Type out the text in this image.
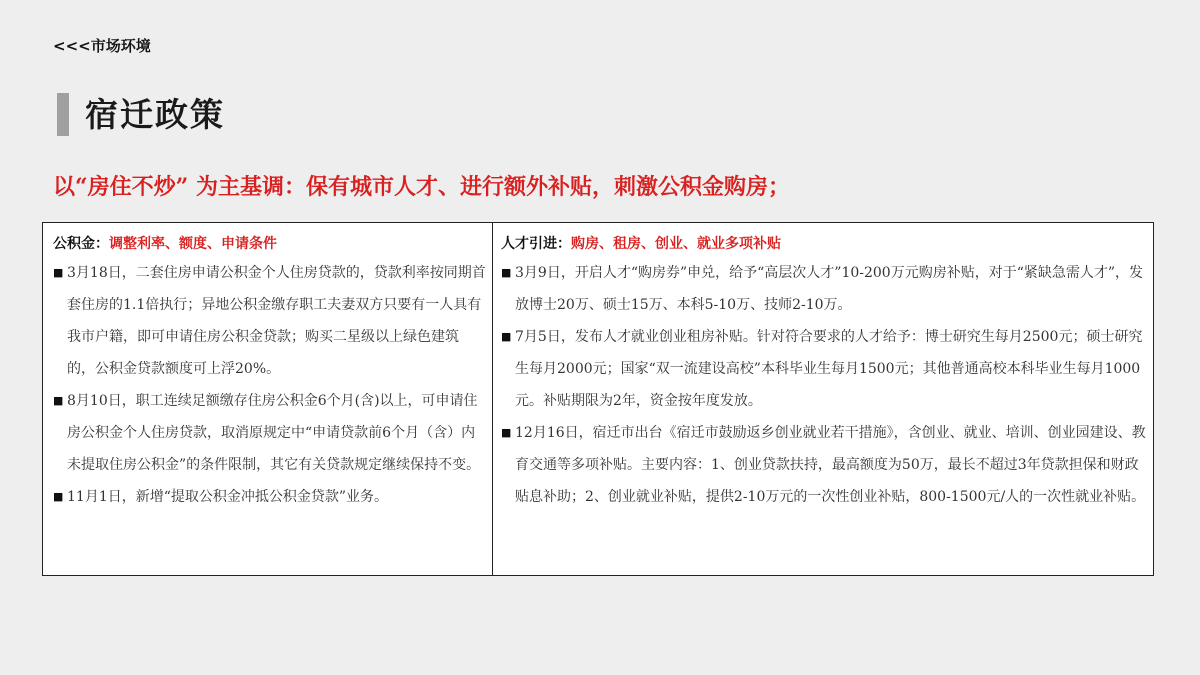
<<<市场环境
宿迁政策
以“房住不炒” 为主基调：保有城市人才、进行额外补贴，刺激公积金购房；
公积金：调整利率、额度、申请条件
■ 3月18日，二套住房申请公积金个人住房贷款的，贷款利率按同期首套住房的1.1倍执行；异地公积金缴存职工夫妻双方只要有一人具有我市户籍，即可申请住房公积金贷款；购买二星级以上绿色建筑的，公积金贷款额度可上浮20%。
■ 8月10日，职工连续足额缴存住房公积金6个月(含)以上，可申请住房公积金个人住房贷款，取消原规定中“申请贷款前6个月（含）内未提取住房公积金”的条件限制，其它有关贷款规定继续保持不变。
■ 11月1日，新增“提取公积金冲抵公积金贷款”业务。
人才引进：购房、租房、创业、就业多项补贴
■ 3月9日，开启人才“购房券”申兑，给予“高层次人才”10-200万元购房补贴，对于“紧缺急需人才”，发放博士20万、硕士15万、本科5-10万、技师2-10万。
■ 7月5日，发布人才就业创业租房补贴。针对符合要求的人才给予：博士研究生每月2500元；硕士研究生每月2000元；国家“双一流建设高校”本科毕业生每月1500元；其他普通高校本科毕业生每月1000元。补贴期限为2年，资金按年度发放。
■ 12月16日，宿迁市出台《宿迁市鼓励返乡创业就业若干措施》，含创业、就业、培训、创业园建设、教育交通等多项补贴。主要内容：1、创业贷款扶持，最高额度为50万，最长不超过3年贷款担保和财政贴息补助；2、创业就业补贴，提供2-10万元的一次性创业补贴，800-1500元/人的一次性就业补贴。
